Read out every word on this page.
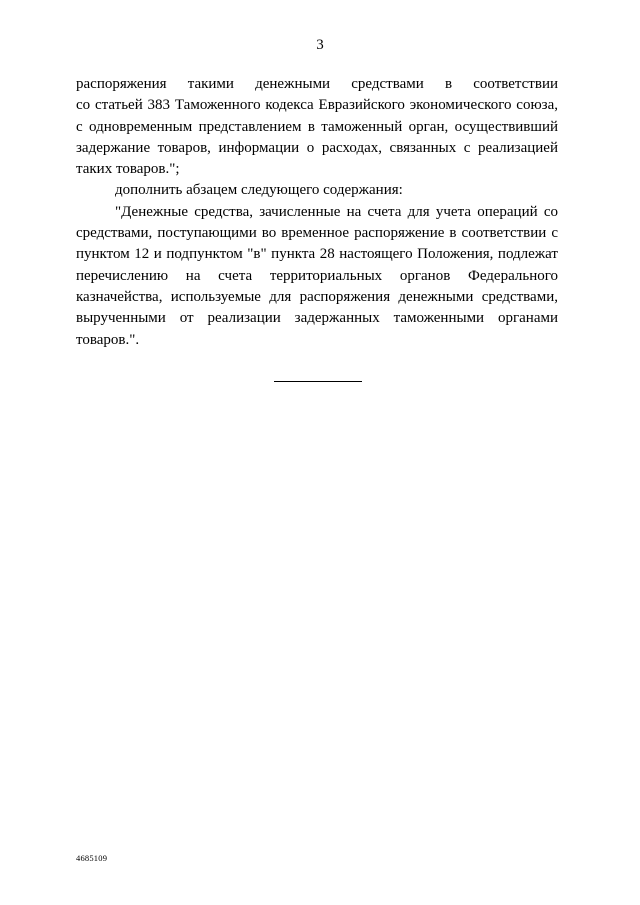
3
распоряжения такими денежными средствами в соответствии
со статьей 383 Таможенного кодекса Евразийского экономического союза,
с одновременным представлением в таможенный орган, осуществивший
задержание товаров, информации о расходах, связанных с реализацией
таких товаров.";
дополнить абзацем следующего содержания:
"Денежные средства, зачисленные на счета для учета операций со
средствами, поступающими во временное распоряжение в соответствии с
пунктом 12 и подпунктом "в" пункта 28 настоящего Положения, подлежат
перечислению на счета территориальных органов Федерального
казначейства, используемые для распоряжения денежными средствами,
вырученными от реализации задержанных таможенными органами
товаров.".
4685109
